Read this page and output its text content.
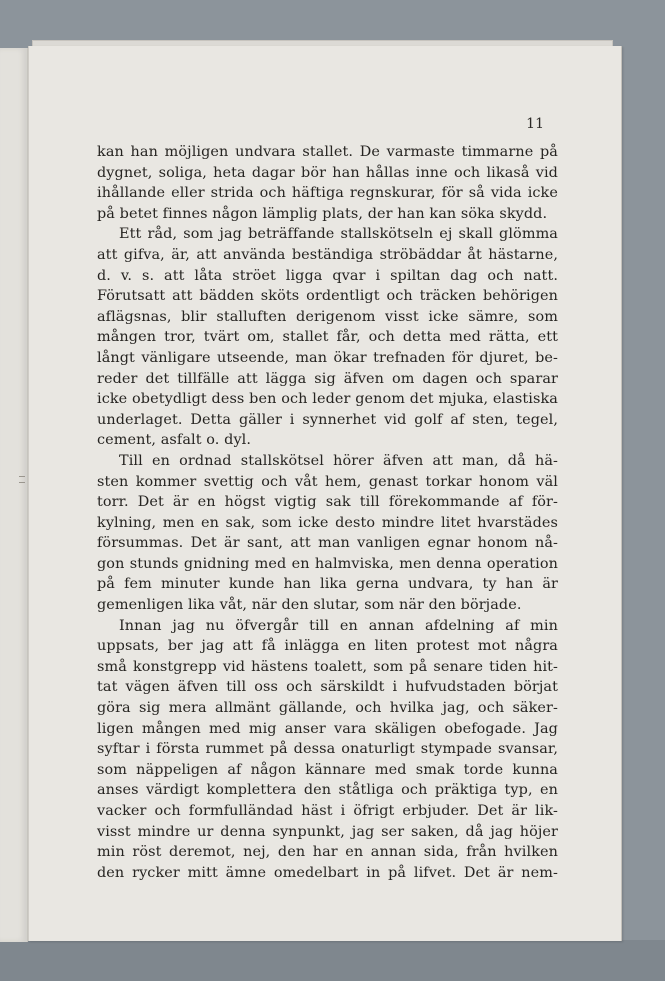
11
kan han möjligen undvara stallet. De varmaste timmarne på
dygnet, soliga, heta dagar bör han hållas inne och likaså vid
ihållande eller strida och häftiga regnskurar, för så vida icke
på betet finnes någon lämplig plats, der han kan söka skydd.
Ett råd, som jag beträffande stallskötseln ej skall glömma
att gifva, är, att använda beständiga ströbäddar åt hästarne,
d. v. s. att låta ströet ligga qvar i spiltan dag och natt.
Förutsatt att bädden sköts ordentligt och träcken behörigen
aflägsnas, blir stalluften derigenom visst icke sämre, som
mången tror, tvärt om, stallet får, och detta med rätta, ett
långt vänligare utseende, man ökar trefnaden för djuret, be-
reder det tillfälle att lägga sig äfven om dagen och sparar
icke obetydligt dess ben och leder genom det mjuka, elastiska
underlaget. Detta gäller i synnerhet vid golf af sten, tegel,
cement, asfalt o. dyl.
Till en ordnad stallskötsel hörer äfven att man, då hä-
sten kommer svettig och våt hem, genast torkar honom väl
torr. Det är en högst vigtig sak till förekommande af för-
kylning, men en sak, som icke desto mindre litet hvarstädes
försummas. Det är sant, att man vanligen egnar honom nå-
gon stunds gnidning med en halmviska, men denna operation
på fem minuter kunde han lika gerna undvara, ty han är
gemenligen lika våt, när den slutar, som när den började.
Innan jag nu öfvergår till en annan afdelning af min
uppsats, ber jag att få inlägga en liten protest mot några
små konstgrepp vid hästens toalett, som på senare tiden hit-
tat vägen äfven till oss och särskildt i hufvudstaden börjat
göra sig mera allmänt gällande, och hvilka jag, och säker-
ligen mången med mig anser vara skäligen obefogade. Jag
syftar i första rummet på dessa onaturligt stympade svansar,
som näppeligen af någon kännare med smak torde kunna
anses värdigt komplettera den ståtliga och präktiga typ, en
vacker och formfulländad häst i öfrigt erbjuder. Det är lik-
visst mindre ur denna synpunkt, jag ser saken, då jag höjer
min röst deremot, nej, den har en annan sida, från hvilken
den rycker mitt ämne omedelbart in på lifvet. Det är nem-
